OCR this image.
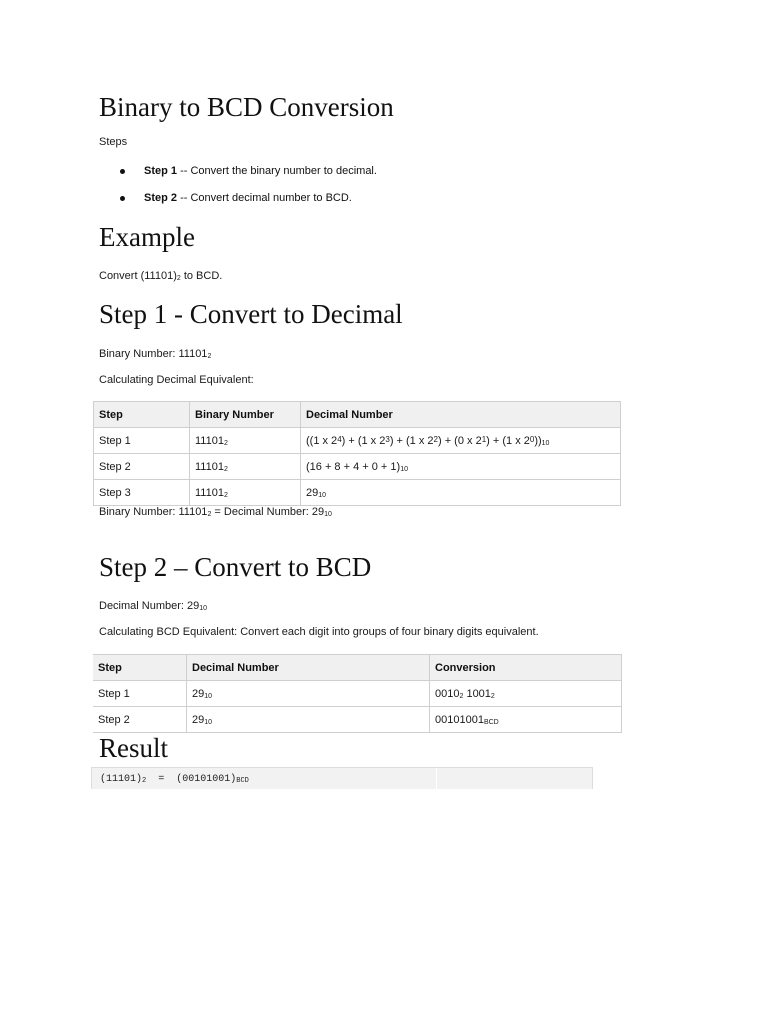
Binary to BCD Conversion

Steps

Step 1 -- Convert the binary number to decimal.
Step 2 -- Convert decimal number to BCD.
Example

Convert $(11101)_2$ to BCD.

Step 1 - Convert to Decimal

Binary Number: $11101_2$

Calculating Decimal Equivalent:

Step	Binary Number	Decimal Number
Step 1	$11101_2$	((1 x $2^4) + (1$ x $2^3) + (1$ x $2^2) + (0$ x $2^1) + (1$ x $2^0))_{10}$
Step 2	$11101_2$	$(16 + 8 + 4 + 0 + 1)_{10}$
Step 3	$11101_2$	$29_{10}$

Binary Number: $11101_2$ = Decimal Number: $29_{10}$

Step 2 – Convert to BCD

Decimal Number: $29_{10}$

Calculating BCD Equivalent: Convert each digit into groups of four binary digits equivalent.

Step	Decimal Number	Conversion
Step 1	$29_{10}$	$0010_2$ $1001_2$
Step 2	$29_{10}$	$00101001_{BCD}$
Result
$(11101)_2 = (00101001)_{BCD}$
